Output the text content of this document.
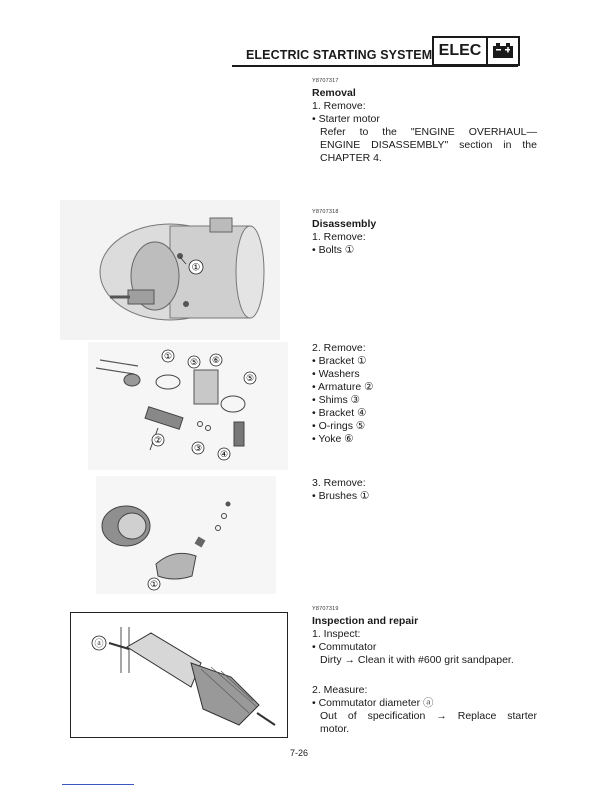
ELECTRIC STARTING SYSTEM ELEC
Y8707317
Removal
1. Remove:
• Starter motor
Refer to the "ENGINE OVERHAUL—
ENGINE DISASSEMBLY" section in the
CHAPTER 4.
Y8707318
Disassembly
1. Remove:
• Bolts ①
2. Remove:
• Bracket ①
• Washers
• Armature ②
• Shims ③
• Bracket ④
• O-rings ⑤
• Yoke ⑥
3. Remove:
• Brushes ①
Y8707319
Inspection and repair
1. Inspect:
• Commutator
Dirty → Clean it with #600 grit sandpaper.
2. Measure:
• Commutator diameter ⓐ
Out of specification → Replace starter
motor.
①
①
⑤ ⑥
⑤
②
③
④
①
ⓐ
7-26
